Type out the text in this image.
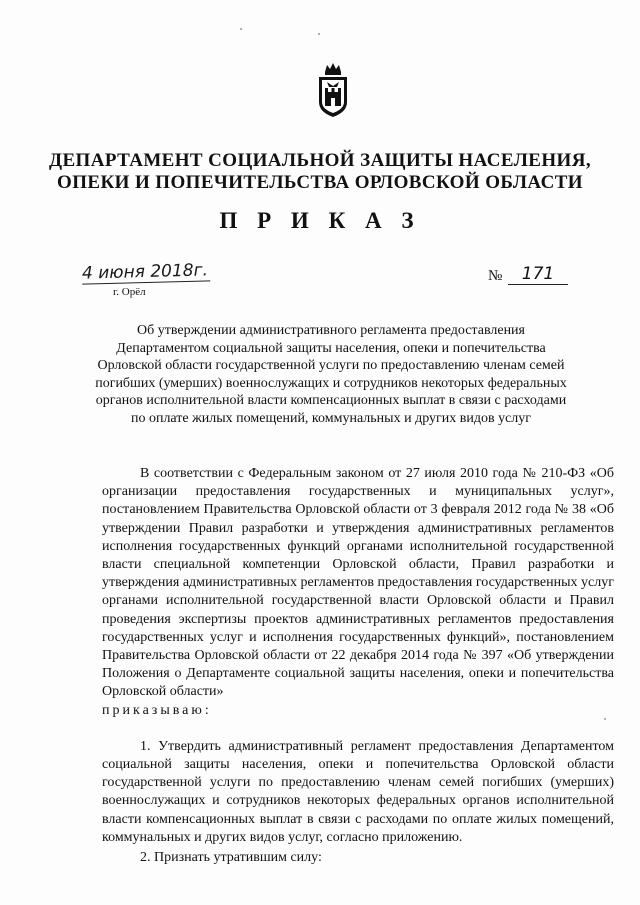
ДЕПАРТАМЕНТ СОЦИАЛЬНОЙ ЗАЩИТЫ НАСЕЛЕНИЯ,
ОПЕКИ И ПОПЕЧИТЕЛЬСТВА ОРЛОВСКОЙ ОБЛАСТИ
П Р И К А З
4 июня 2018г.
г. Орёл
№	171
Об утверждении административного регламента предоставления
Департаментом социальной защиты населения, опеки и попечительства
Орловской области государственной услуги по предоставлению членам семей
погибших (умерших) военнослужащих и сотрудников некоторых федеральных
органов исполнительной власти компенсационных выплат в связи с расходами
по оплате жилых помещений, коммунальных и других видов услуг

В соответствии с Федеральным законом от 27 июля 2010 года № 210-ФЗ «Об организации предоставления государственных и муниципальных услуг», постановлением Правительства Орловской области от 3 февраля 2012 года № 38 «Об утверждении Правил разработки и утверждения административных регламентов исполнения государственных функций органами исполнительной государственной власти специальной компетенции Орловской области, Правил разработки и утверждения административных регламентов предоставления государственных услуг органами исполнительной государственной власти Орловской области и Правил проведения экспертизы проектов административных регламентов предоставления государственных услуг и исполнения государственных функций», постановлением Правительства Орловской области от 22 декабря 2014 года № 397 «Об утверждении Положения о Департаменте социальной защиты населения, опеки и попечительства Орловской области»

приказываю:

1. Утвердить административный регламент предоставления Департаментом социальной защиты населения, опеки и попечительства Орловской области государственной услуги по предоставлению членам семей погибших (умерших) военнослужащих и сотрудников некоторых федеральных органов исполнительной власти компенсационных выплат в связи с расходами по оплате жилых помещений, коммунальных и других видов услуг, согласно приложению.

2. Признать утратившим силу:
